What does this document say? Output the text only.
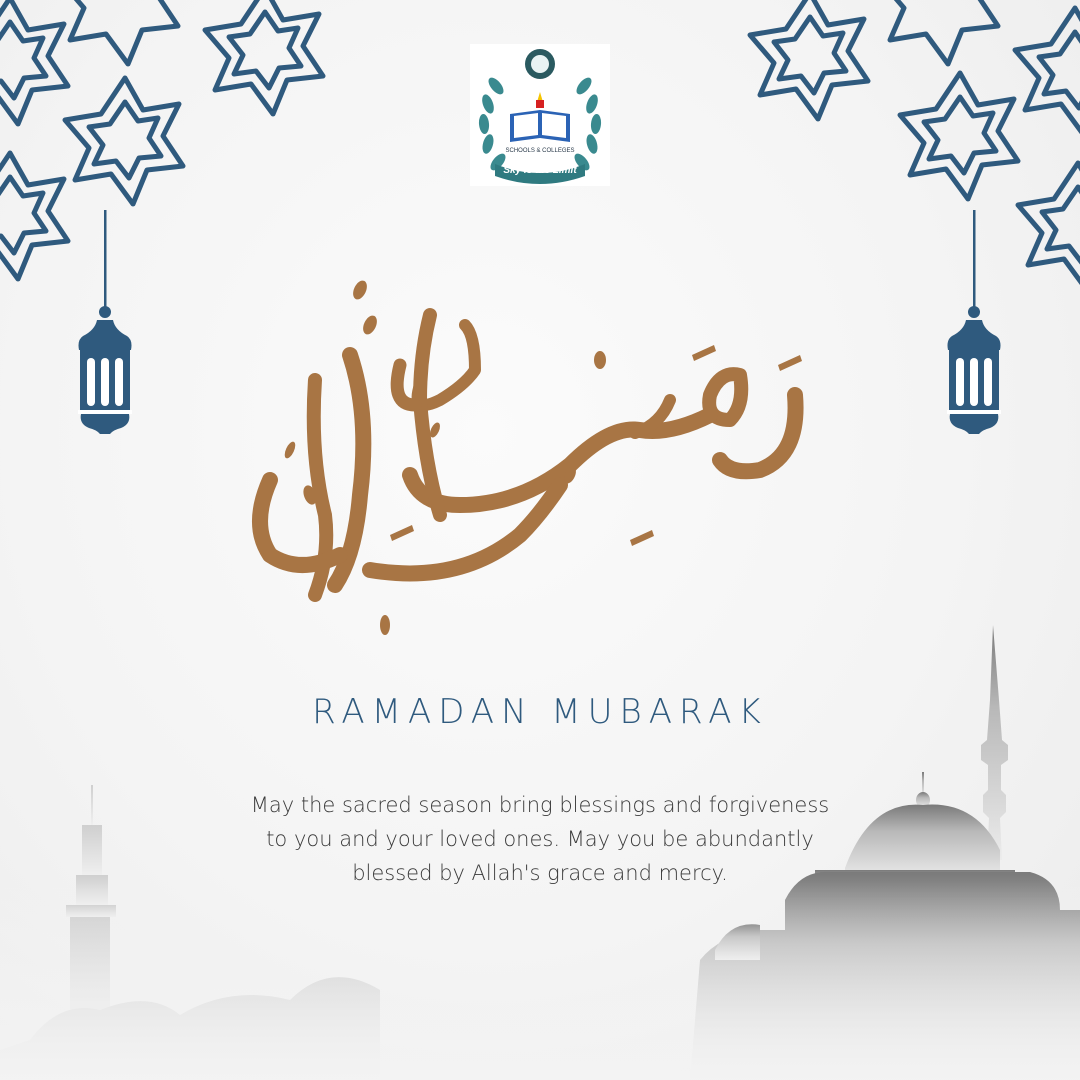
Sky is the Limit
SCHOOLS & COLLEGES
RAMADAN MUBARAK
May the sacred season bring blessings and forgiveness
to you and your loved ones. May you be abundantly
blessed by Allah's grace and mercy.
